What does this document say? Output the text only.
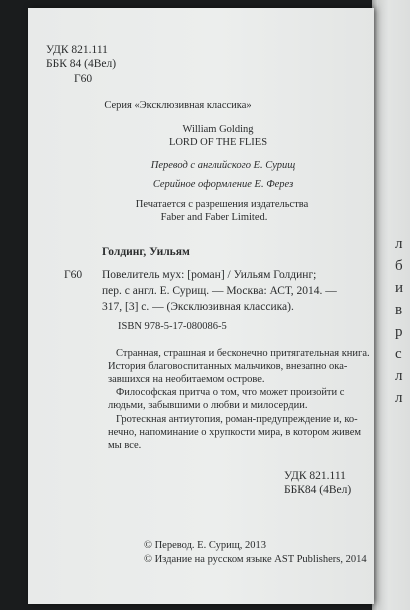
УДК 821.111
ББК 84 (4Вел)
Г60
Серия «Эксклюзивная классика»
William Golding
LORD OF THE FLIES
Перевод с английского Е. Сурищ
Серийное оформление Е. Ферез
Печатается с разрешения издательства
Faber and Faber Limited.
Голдинг, Уильям
Г60 Повелитель мух: [роман] / Уильям Голдинг;
пер. с англ. Е. Сурищ. — Москва: АСТ, 2014. —
317, [3] с. — (Эксклюзивная классика).
ISBN 978-5-17-080086-5
Странная, страшная и бесконечно притягательная книга.
История благовоспитанных мальчиков, внезапно ока-
завшихся на необитаемом острове.
Философская притча о том, что может произойти с
людьми, забывшими о любви и милосердии.
Гротескная антиутопия, роман-предупреждение и, ко-
нечно, напоминание о хрупкости мира, в котором живем
мы все.
УДК 821.111
ББК84 (4Вел)
© Перевод. Е. Сурищ, 2013
© Издание на русском языке AST Publishers, 2014
л
б
и
в
р
с
л
л
